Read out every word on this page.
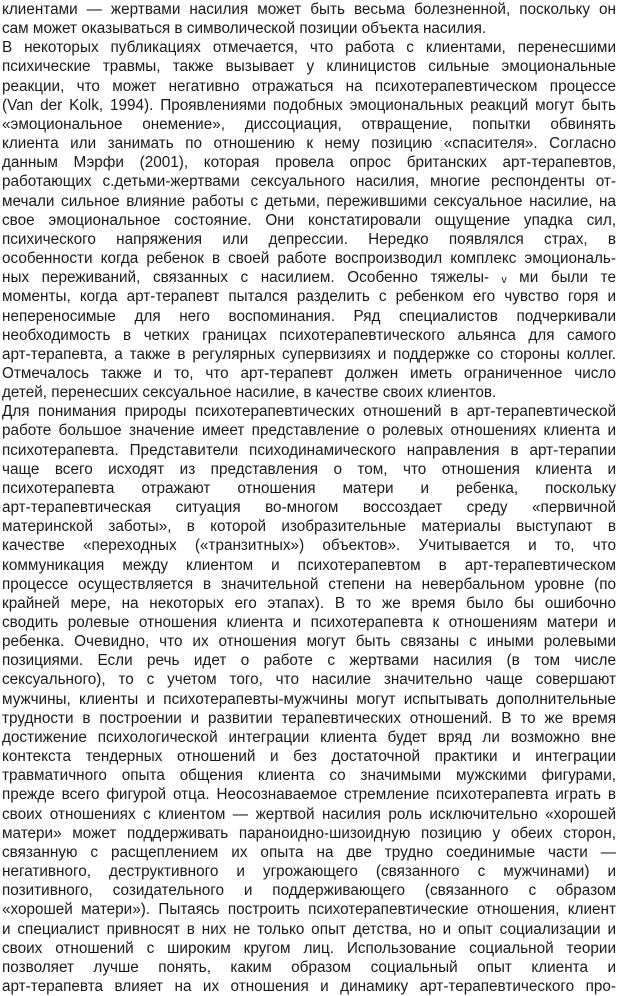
клиентами — жертвами насилия может быть весьма болезненной, поскольку он
сам может оказываться в символической позиции объекта насилия.
В некоторых публикациях отмечается, что работа с клиентами, перенесшими
психические травмы, также вызывает у клиницистов сильные эмоциональные
реакции, что может негативно отражаться на психотерапевтическом процессе
(Van der Kolk, 1994). Проявлениями подобных эмоциональных реакций могут быть
«эмоциональное онемение», диссоциация, отвращение, попытки обвинять
клиента или занимать по отношению к нему позицию «спасителя». Согласно
данным Мэрфи (2001), которая провела опрос британских арт-терапевтов,
работающих с.детьми-жертвами сексуального насилия, многие респонденты от-
мечали сильное влияние работы с детьми, пережившими сексуальное насилие, на
свое эмоциональное состояние. Они констатировали ощущение упадка сил,
психического напряжения или депрессии. Нередко появлялся страх, в
особенности когда ребенок в своей работе воспроизводил комплекс эмоциональ-
ных переживаний, связанных с насилием. Особенно тяжелы- ᵥ ми были те
моменты, когда арт-терапевт пытался разделить с ребенком его чувство горя и
непереносимые для него воспоминания. Ряд специалистов подчеркивали
необходимость в четких границах психотерапевтического альянса для самого
арт-терапевта, а также в регулярных супервизиях и поддержке со стороны коллег.
Отмечалось также и то, что арт-терапевт должен иметь ограниченное число
детей, перенесших сексуальное насилие, в качестве своих клиентов.
Для понимания природы психотерапевтических отношений в арт-терапевтической
работе большое значение имеет представление о ролевых отношениях клиента и
психотерапевта. Представители психодинамического направления в арт-терапии
чаще всего исходят из представления о том, что отношения клиента и
психотерапевта отражают отношения матери и ребенка, поскольку
арт-терапевтическая ситуация во-многом воссоздает среду «первичной
материнской заботы», в которой изобразительные материалы выступают в
качестве «переходных («транзитных») объектов». Учитывается и то, что
коммуникация между клиентом и психотерапевтом в арт-терапевтическом
процессе осуществляется в значительной степени на невербальном уровне (по
крайней мере, на некоторых его этапах). В то же время было бы ошибочно
сводить ролевые отношения клиента и психотерапевта к отношениям матери и
ребенка. Очевидно, что их отношения могут быть связаны с иными ролевыми
позициями. Если речь идет о работе с жертвами насилия (в том числе
сексуального), то с учетом того, что насилие значительно чаще совершают
мужчины, клиенты и психотерапевты-мужчины могут испытывать дополнительные
трудности в построении и развитии терапевтических отношений. В то же время
достижение психологической интеграции клиента будет вряд ли возможно вне
контекста тендерных отношений и без достаточной практики и интеграции
травматичного опыта общения клиента со значимыми мужскими фигурами,
прежде всего фигурой отца. Неосознаваемое стремление психотерапевта играть в
своих отношениях с клиентом — жертвой насилия роль исключительно «хорошей
матери» может поддерживать параноидно-шизоидную позицию у обеих сторон,
связанную с расщеплением их опыта на две трудно соединимые части —
негативного, деструктивного и угрожающего (связанного с мужчинами) и
позитивного, созидательного и поддерживающего (связанного с образом
«хорошей матери»). Пытаясь построить психотерапевтические отношения, клиент
и специалист привносят в них не только опыт детства, но и опыт социализации и
своих отношений с широким кругом лиц. Использование социальной теории
позволяет лучше понять, каким образом социальный опыт клиента и
арт-терапевта влияет на их отношения и динамику арт-терапевтического про-
